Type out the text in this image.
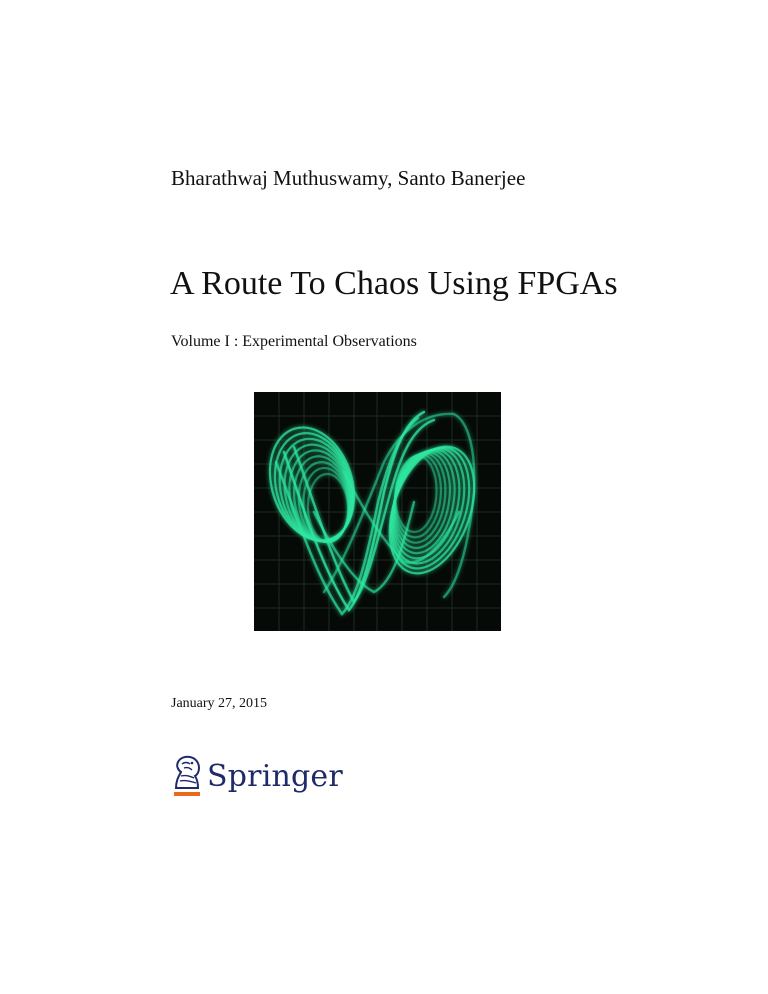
Bharathwaj Muthuswamy, Santo Banerjee
A Route To Chaos Using FPGAs
Volume I : Experimental Observations
January 27, 2015
Springer
